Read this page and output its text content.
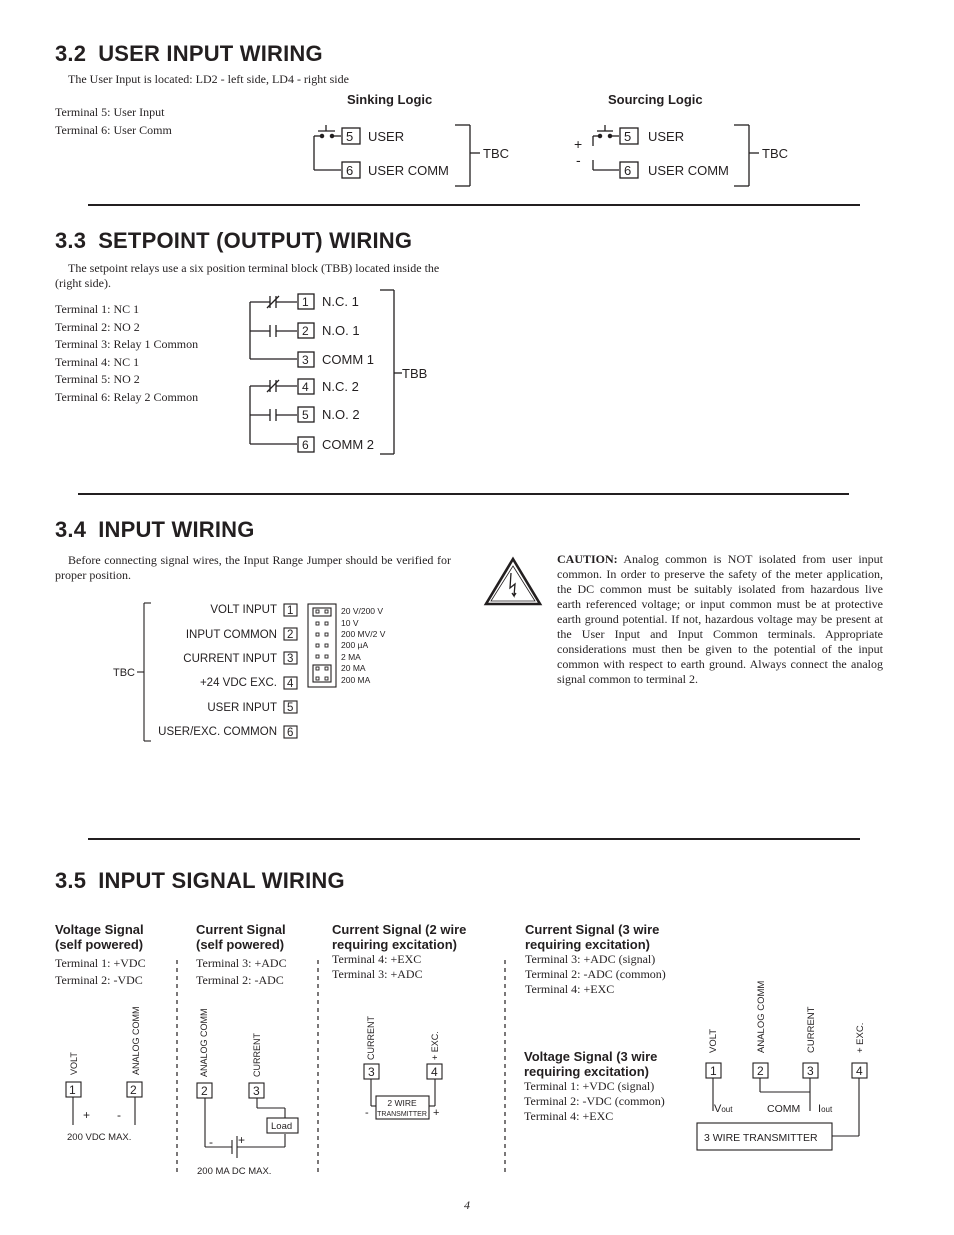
3.2 USER INPUT WIRING
The User Input is located: LD2 - left side, LD4 - right side
Terminal 5: User Input
Terminal 6: User Comm
Sinking Logic
5
6
USER
USER COMM
TBC
Sourcing Logic
+
-
5
6
USER
USER COMM
TBC
3.3 SETPOINT (OUTPUT) WIRING
The setpoint relays use a six position terminal block (TBB) located inside the (right side).
Terminal 1: NC 1
Terminal 2: NO 2
Terminal 3: Relay 1 Common
Terminal 4: NC 1
Terminal 5: NO 2
Terminal 6: Relay 2 Common
1
2
3
4
5
6
N.C. 1
N.O. 1
COMM 1
N.C. 2
N.O. 2
COMM 2
TBB
3.4 INPUT WIRING
Before connecting signal wires, the Input Range Jumper should be verified for proper position.
CAUTION: Analog common is NOT isolated from user input common. In order to preserve the safety of the meter application, the DC common must be suitably isolated from hazardous live earth referenced voltage; or input common must be at protective earth ground potential. If not, hazardous voltage may be present at the User Input and Input Common terminals. Appropriate considerations must then be given to the potential of the input common with respect to earth ground. Always connect the analog signal common to terminal 2.
TBC
VOLT INPUT
INPUT COMMON
CURRENT INPUT
+24 VDC EXC.
USER INPUT
USER/EXC. COMMON
1
2
3
4
5
6
20 V/200 V
10 V
200 MV/2 V
200 µA
2 MA
20 MA
200 MA
3.5 INPUT SIGNAL WIRING
Voltage Signal
(self powered)
Terminal 1: +VDC
Terminal 2: -VDC
VOLT	ANALOG COMM
1	2
+ -
200 VDC MAX.
Current Signal
(self powered)
Terminal 3: +ADC
Terminal 2: -ADC
ANALOG COMM	CURRENT
2	3
Load
- +
200 MA DC MAX.
Current Signal (2 wire
requiring excitation)
Terminal 4: +EXC
Terminal 3: +ADC
CURRENT	+ EXC.
3	4
2 WIRE
TRANSMITTER
-	+
Current Signal (3 wire
requiring excitation)
Terminal 3: +ADC (signal)
Terminal 2: -ADC (common)
Terminal 4: +EXC
Voltage Signal (3 wire
requiring excitation)
Terminal 1: +VDC (signal)
Terminal 2: -VDC (common)
Terminal 4: +EXC
VOLT	ANALOG COMM	CURRENT	+ EXC.
1	2	3	4
Vout	COMM Iout
3 WIRE TRANSMITTER
4
